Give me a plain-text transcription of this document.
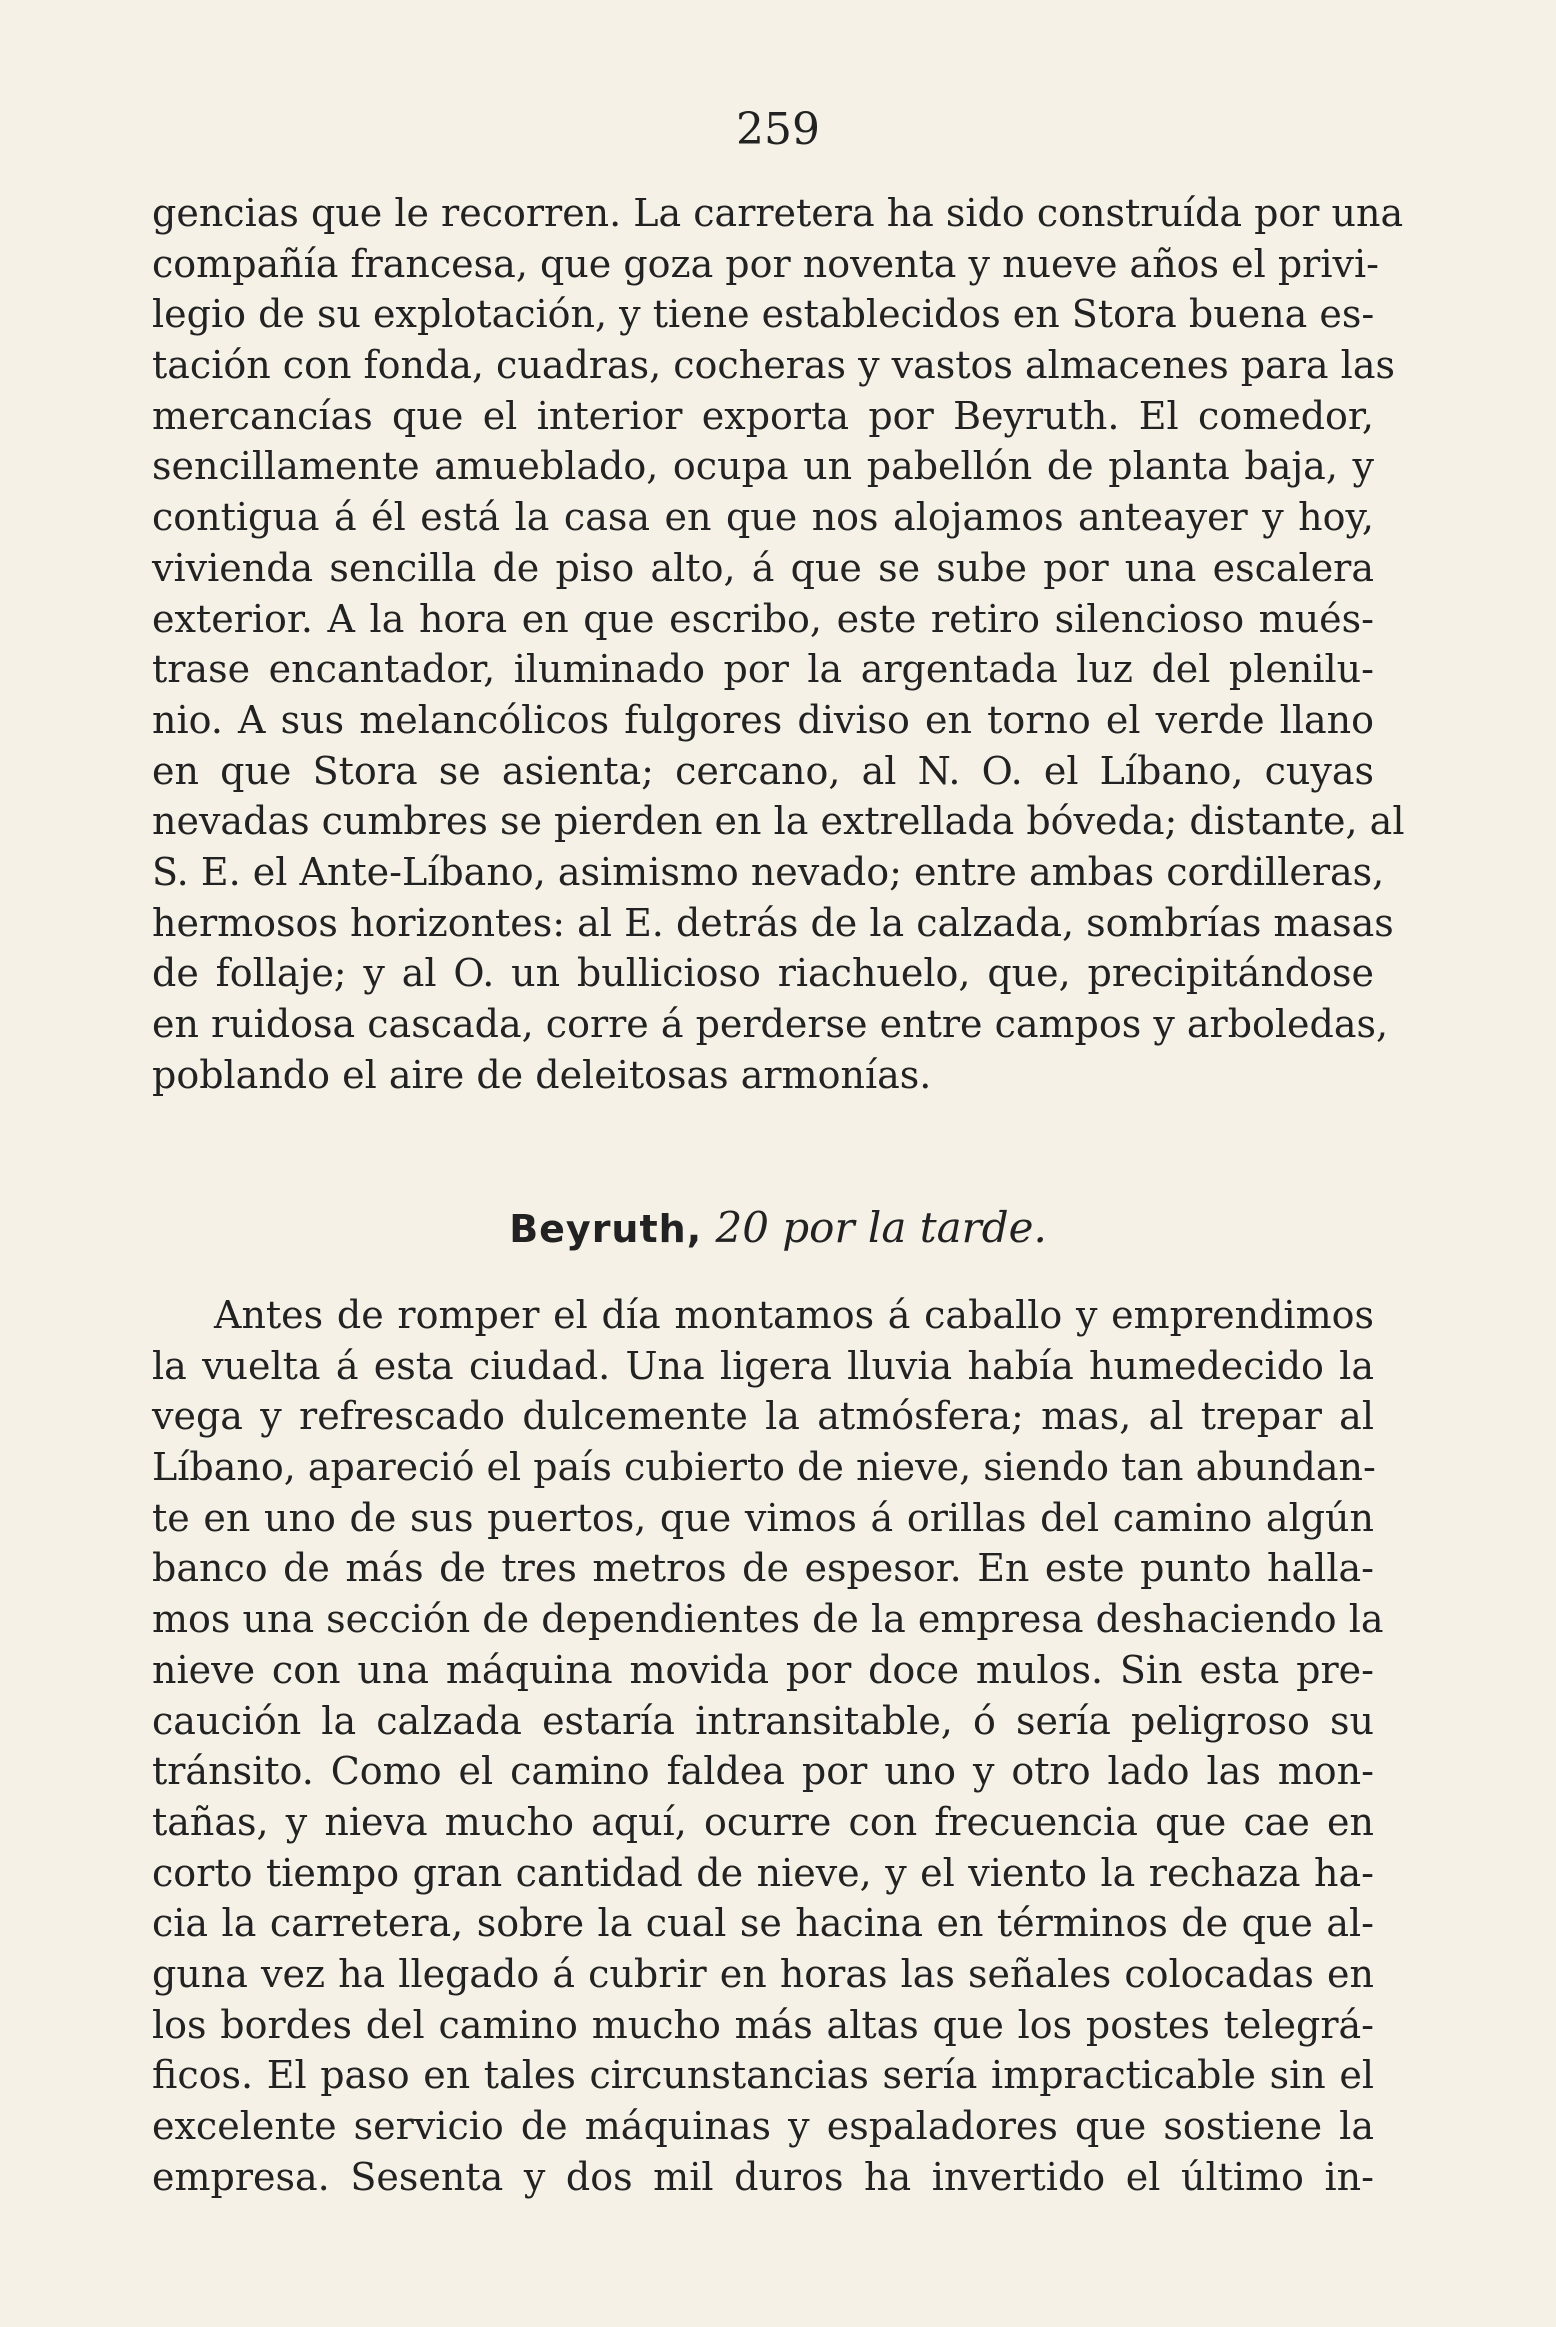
259
gencias que le recorren. La carretera ha sido construída por una
compañía francesa, que goza por noventa y nueve años el privi-
legio de su explotación, y tiene establecidos en Stora buena es-
tación con fonda, cuadras, cocheras y vastos almacenes para las
mercancías que el interior exporta por Beyruth. El comedor,
sencillamente amueblado, ocupa un pabellón de planta baja, y
contigua á él está la casa en que nos alojamos anteayer y hoy,
vivienda sencilla de piso alto, á que se sube por una escalera
exterior. A la hora en que escribo, este retiro silencioso mués-
trase encantador, iluminado por la argentada luz del plenilu-
nio. A sus melancólicos fulgores diviso en torno el verde llano
en que Stora se asienta; cercano, al N. O. el Líbano, cuyas
nevadas cumbres se pierden en la extrellada bóveda; distante, al
S. E. el Ante-Líbano, asimismo nevado; entre ambas cordilleras,
hermosos horizontes: al E. detrás de la calzada, sombrías masas
de follaje; y al O. un bullicioso riachuelo, que, precipitándose
en ruidosa cascada, corre á perderse entre campos y arboledas,
poblando el aire de deleitosas armonías.
Beyruth, 20 por la tarde.
Antes de romper el día montamos á caballo y emprendimos
la vuelta á esta ciudad. Una ligera lluvia había humedecido la
vega y refrescado dulcemente la atmósfera; mas, al trepar al
Líbano, apareció el país cubierto de nieve, siendo tan abundan-
te en uno de sus puertos, que vimos á orillas del camino algún
banco de más de tres metros de espesor. En este punto halla-
mos una sección de dependientes de la empresa deshaciendo la
nieve con una máquina movida por doce mulos. Sin esta pre-
caución la calzada estaría intransitable, ó sería peligroso su
tránsito. Como el camino faldea por uno y otro lado las mon-
tañas, y nieva mucho aquí, ocurre con frecuencia que cae en
corto tiempo gran cantidad de nieve, y el viento la rechaza ha-
cia la carretera, sobre la cual se hacina en términos de que al-
guna vez ha llegado á cubrir en horas las señales colocadas en
los bordes del camino mucho más altas que los postes telegrá-
ficos. El paso en tales circunstancias sería impracticable sin el
excelente servicio de máquinas y espaladores que sostiene la
empresa. Sesenta y dos mil duros ha invertido el último in-
